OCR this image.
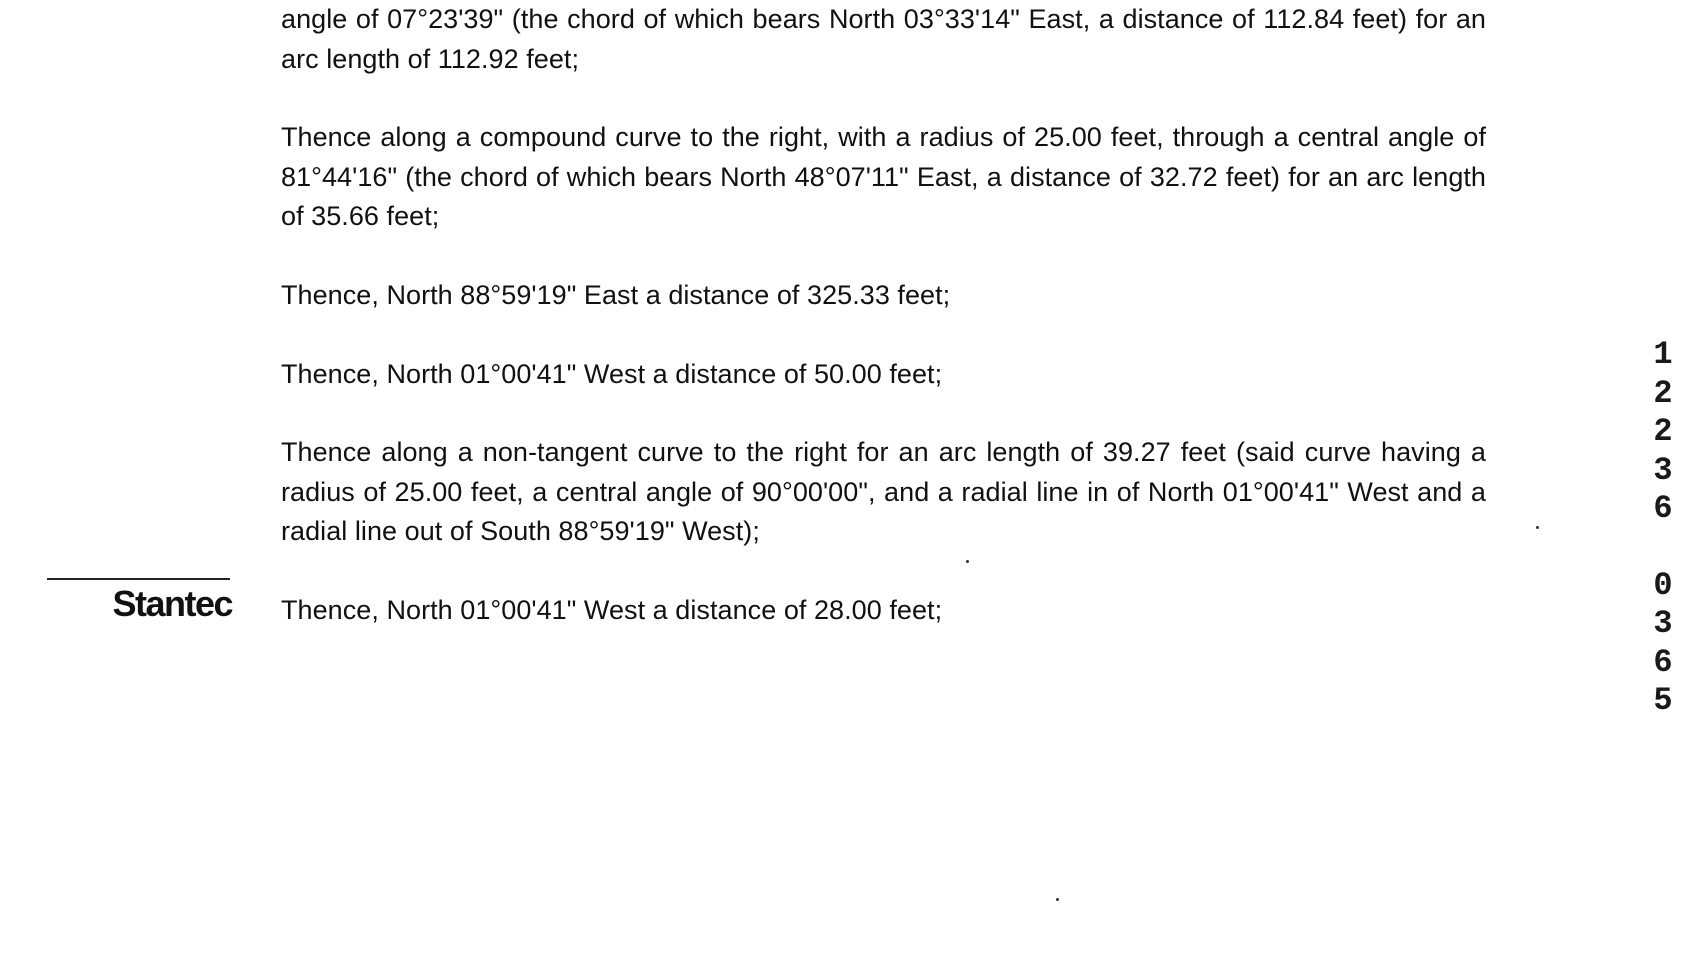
angle of 07°23'39" (the chord of which bears North 03°33'14" East, a distance of 112.84 feet) for an arc length of 112.92 feet;

Thence along a compound curve to the right, with a radius of 25.00 feet, through a central angle of 81°44'16" (the chord of which bears North 48°07'11" East, a distance of 32.72 feet) for an arc length of 35.66 feet;

Thence, North 88°59'19" East a distance of 325.33 feet;

Thence, North 01°00'41" West a distance of 50.00 feet;

Thence along a non-tangent curve to the right for an arc length of 39.27 feet (said curve having a radius of 25.00 feet, a central angle of 90°00'00", and a radial line in of North 01°00'41" West and a radial line out of South 88°59'19" West);

Thence, North 01°00'41" West a distance of 28.00 feet;

Stantec
1
2
2
3
6
0
3
6
5
